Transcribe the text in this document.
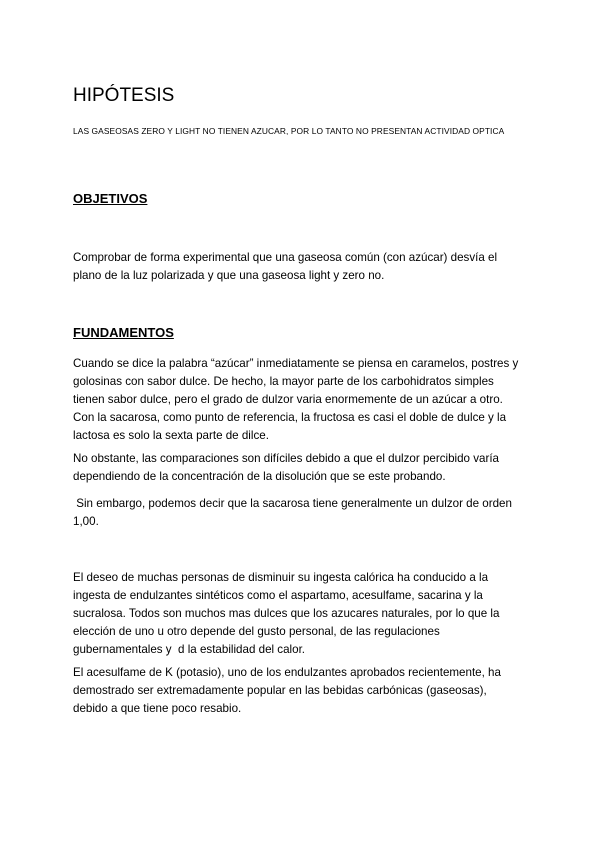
HIPÓTESIS
LAS GASEOSAS ZERO Y LIGHT NO TIENEN AZUCAR, POR LO TANTO NO PRESENTAN ACTIVIDAD OPTICA
OBJETIVOS

Comprobar de forma experimental que una gaseosa común (con azúcar) desvía el plano de la luz polarizada y que una gaseosa light y zero no.

FUNDAMENTOS

Cuando se dice la palabra “azúcar” inmediatamente se piensa en caramelos, postres y golosinas con sabor dulce. De hecho, la mayor parte de los carbohidratos simples tienen sabor dulce, pero el grado de dulzor varia enormemente de un azúcar a otro. Con la sacarosa, como punto de referencia, la fructosa es casi el doble de dulce y la lactosa es solo la sexta parte de dilce.

No obstante, las comparaciones son difíciles debido a que el dulzor percibido varía dependiendo de la concentración de la disolución que se este probando.

Sin embargo, podemos decir que la sacarosa tiene generalmente un dulzor de orden 1,00.

El deseo de muchas personas de disminuir su ingesta calórica ha conducido a la ingesta de endulzantes sintéticos como el aspartamo, acesulfame, sacarina y la sucralosa. Todos son muchos mas dulces que los azucares naturales, por lo que la elección de uno u otro depende del gusto personal, de las regulaciones gubernamentales y  d la estabilidad del calor.

El acesulfame de K (potasio), uno de los endulzantes aprobados recientemente, ha demostrado ser extremadamente popular en las bebidas carbónicas (gaseosas), debido a que tiene poco resabio.
